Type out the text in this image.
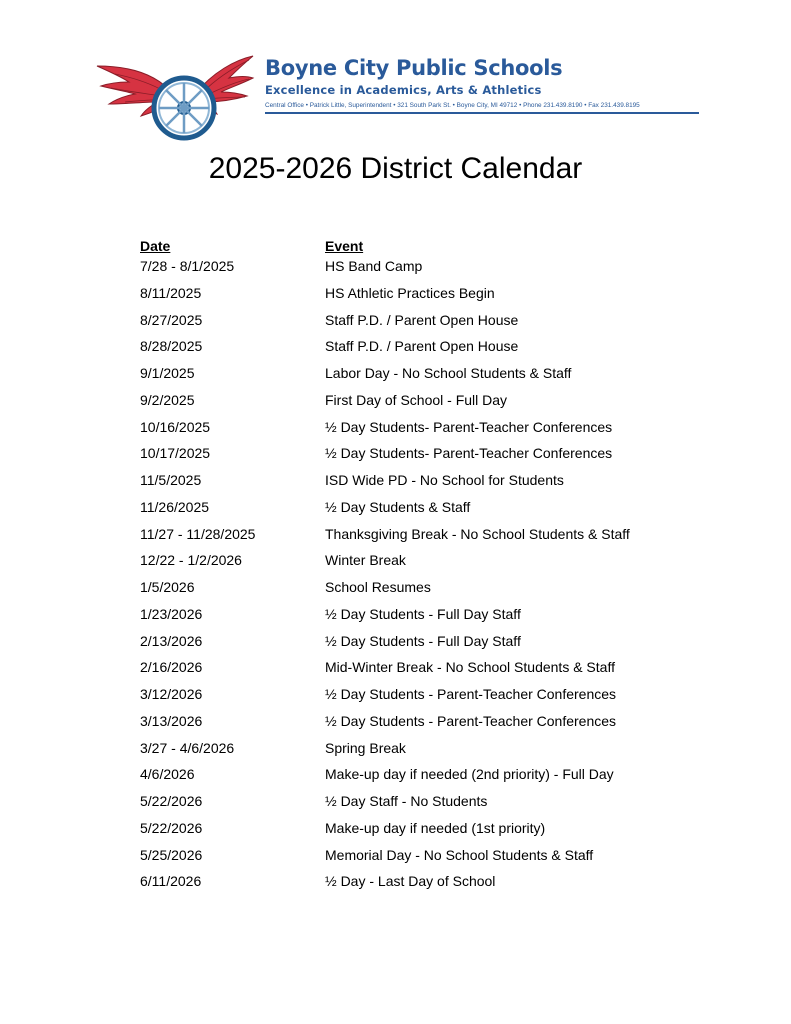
Boyne City Public Schools
Excellence in Academics, Arts & Athletics
Central Office • Patrick Little, Superintendent • 321 South Park St. • Boyne City, MI 49712 • Phone 231.439.8190 • Fax 231.439.8195
2025-2026 District Calendar
Date	Event
7/28 - 8/1/2025	HS Band Camp
8/11/2025	HS Athletic Practices Begin
8/27/2025	Staff P.D. / Parent Open House
8/28/2025	Staff P.D. / Parent Open House
9/1/2025	Labor Day - No School Students & Staff
9/2/2025	First Day of School - Full Day
10/16/2025	½ Day Students- Parent-Teacher Conferences
10/17/2025	½ Day Students- Parent-Teacher Conferences
11/5/2025	ISD Wide PD - No School for Students
11/26/2025	½ Day Students & Staff
11/27 - 11/28/2025	Thanksgiving Break - No School Students & Staff
12/22 - 1/2/2026	Winter Break
1/5/2026	School Resumes
1/23/2026	½ Day Students - Full Day Staff
2/13/2026	½ Day Students - Full Day Staff
2/16/2026	Mid-Winter Break - No School Students & Staff
3/12/2026	½ Day Students - Parent-Teacher Conferences
3/13/2026	½ Day Students - Parent-Teacher Conferences
3/27 - 4/6/2026	Spring Break
4/6/2026	Make-up day if needed (2nd priority) - Full Day
5/22/2026	½ Day Staff - No Students
5/22/2026	Make-up day if needed (1st priority)
5/25/2026	Memorial Day - No School Students & Staff
6/11/2026	½ Day - Last Day of School
